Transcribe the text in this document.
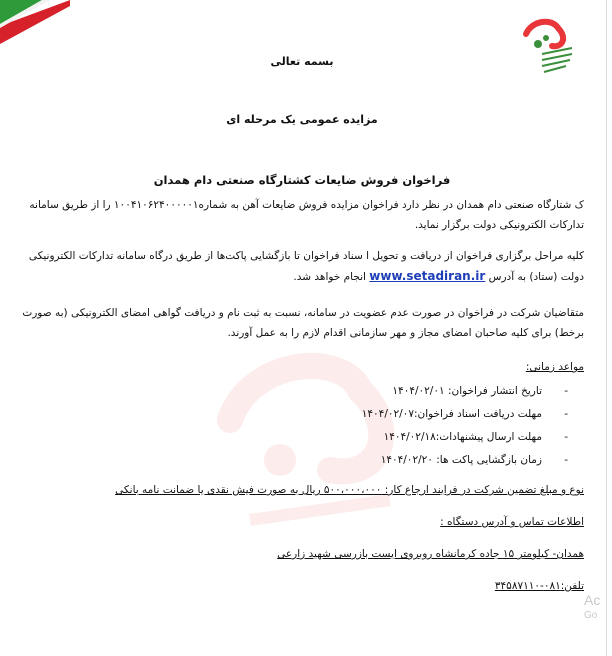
بسمه تعالی
مزایده عمومی یک مرحله ای
فراخوان فروش ضایعات کشتارگاه صنعتی دام همدان
ک شتارگاه صنعتی دام همدان در نظر دارد فراخوان مزایده فروش ضایعات آهن به شماره۱۰۰۴۱۰۶۲۴۰۰۰۰۰۱ را از طریق سامانه تدارکات الکترونیکی دولت برگزار نماید.
کلیه مراحل برگزاری فراخوان از دریافت و تحویل ا سناد فراخوان تا بازگشایی پاکت‌ها از طریق درگاه سامانه تدارکات الکترونیکی دولت (ستاد) به آدرس www.setadiran.ir انجام خواهد شد.
متقاضیان شرکت در فراخوان در صورت عدم عضویت در سامانه، نسبت به ثبت نام و دریافت گواهی امضای الکترونیکی (به صورت برخط) برای کلیه صاحبان امضای مجاز و مهر سازمانی اقدام لازم را به عمل آورند.
مواعد زمانی:
- تاریخ انتشار فراخوان: ۱۴۰۴/۰۲/۰۱
- مهلت دریافت اسناد فراخوان:۱۴۰۴/۰۲/۰۷
- مهلت ارسال پیشنهادات:۱۴۰۴/۰۲/۱۸
- زمان بازگشایی پاکت ها: ۱۴۰۴/۰۲/۲۰
نوع و مبلغ تضمین شرکت در فرایند ارجاع کار: ۵۰۰،۰۰۰،۰۰۰ ریال به صورت فیش نقدی یا ضمانت نامه بانکی
اطلاعات تماس و آدرس دستگاه :
همدان- کیلومتر ۱۵ جاده کرمانشاه روبروی ایست بازرسی شهید زارعی
تلفن:۰۸۱-۳۴۵۸۷۱۱۰
Ac
Go
